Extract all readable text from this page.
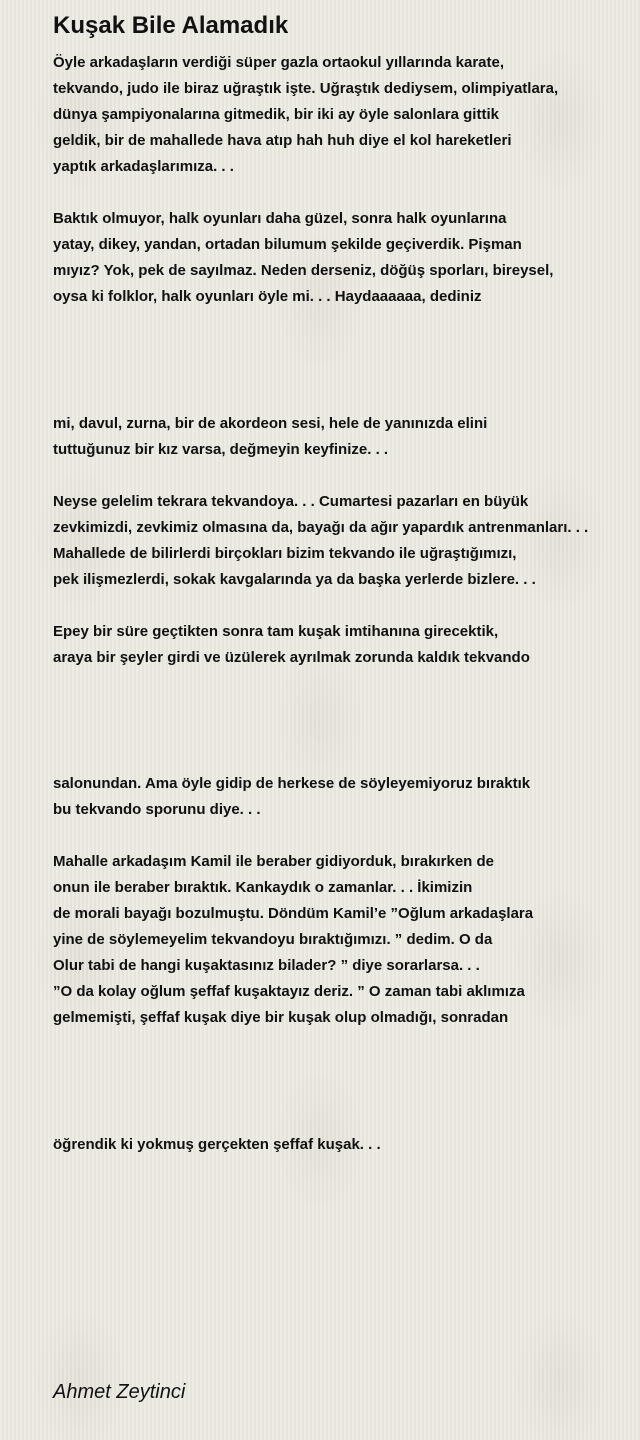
Kuşak Bile Alamadık

Öyle arkadaşların verdiği süper gazla ortaokul yıllarında karate,
tekvando, judo ile biraz uğraştık işte. Uğraştık dediysem, olimpiyatlara,
dünya şampiyonalarına gitmedik, bir iki ay öyle salonlara gittik
geldik, bir de mahallede hava atıp hah huh diye el kol hareketleri
yaptık arkadaşlarımıza. . .

Baktık olmuyor, halk oyunları daha güzel, sonra halk oyunlarına
yatay, dikey, yandan, ortadan bilumum şekilde geçiverdik. Pişman
mıyız? Yok, pek de sayılmaz. Neden derseniz, döğüş sporları, bireysel,
oysa ki folklor, halk oyunları öyle mi. . . Haydaaaaaa, dediniz

mi, davul, zurna, bir de akordeon sesi, hele de yanınızda elini
tuttuğunuz bir kız varsa, değmeyin keyfinize. . .

Neyse gelelim tekrara tekvandoya. . . Cumartesi pazarları en büyük
zevkimizdi, zevkimiz olmasına da, bayağı da ağır yapardık antrenmanları. . .
Mahallede de bilirlerdi birçokları bizim tekvando ile uğraştığımızı,
pek ilişmezlerdi, sokak kavgalarında ya da başka yerlerde bizlere. . .

Epey bir süre geçtikten sonra tam kuşak imtihanına girecektik,
araya bir şeyler girdi ve üzülerek ayrılmak zorunda kaldık tekvando

salonundan. Ama öyle gidip de herkese de söyleyemiyoruz bıraktık
bu tekvando sporunu diye. . .

Mahalle arkadaşım Kamil ile beraber gidiyorduk, bırakırken de
onun ile beraber bıraktık. Kankaydık o zamanlar. . . İkimizin
de morali bayağı bozulmuştu. Döndüm Kamil’e ”Oğlum arkadaşlara
yine de söylemeyelim tekvandoyu bıraktığımızı. ” dedim. O da
Olur tabi de hangi kuşaktasınız bilader? ” diye sorarlarsa. . .
”O da kolay oğlum şeffaf kuşaktayız deriz. ” O zaman tabi aklımıza
gelmemişti, şeffaf kuşak diye bir kuşak olup olmadığı, sonradan

öğrendik ki yokmuş gerçekten şeffaf kuşak. . .

Ahmet Zeytinci
